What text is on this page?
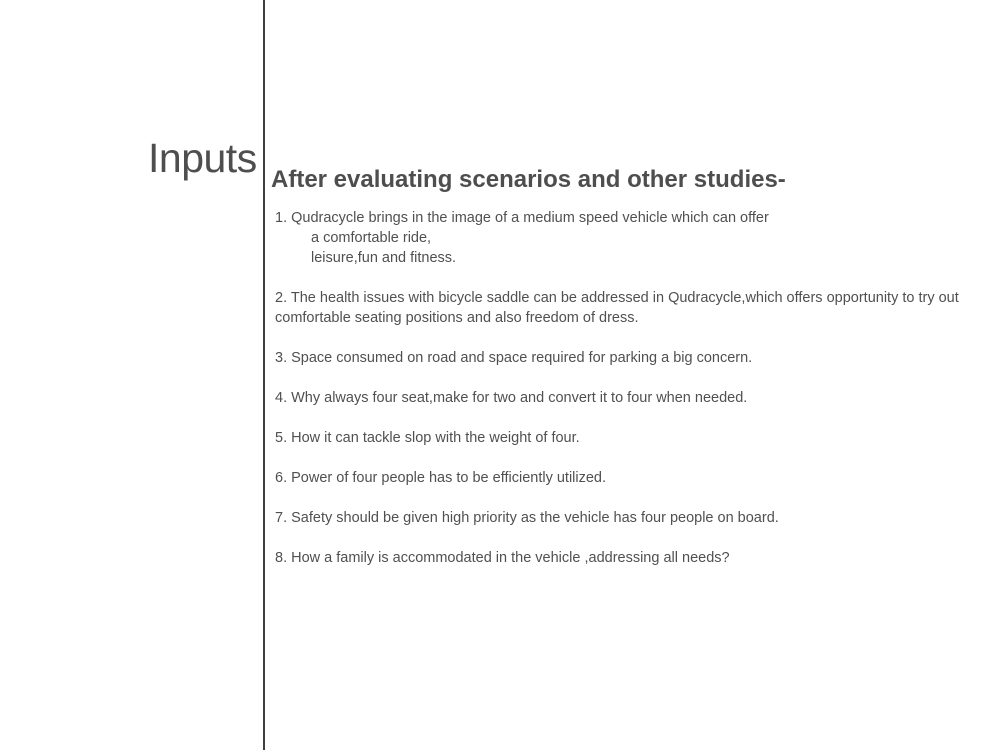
Inputs After evaluating scenarios and other studies-

1. Qudracycle brings in the image of a medium speed vehicle which can offer
a comfortable ride,
leisure,fun and fitness.

2. The health issues with bicycle saddle can be addressed in Qudracycle,which offers opportunity to try out comfortable seating positions and also freedom of dress.

3. Space consumed on road and space required for parking a big concern.

4. Why always four seat,make for two and convert it to four when needed.

5. How it can tackle slop with the weight of four.

6. Power of four people has to be efficiently utilized.

7. Safety should be given high priority as the vehicle has four people on board.

8. How a family is accommodated in the vehicle ,addressing all needs?
